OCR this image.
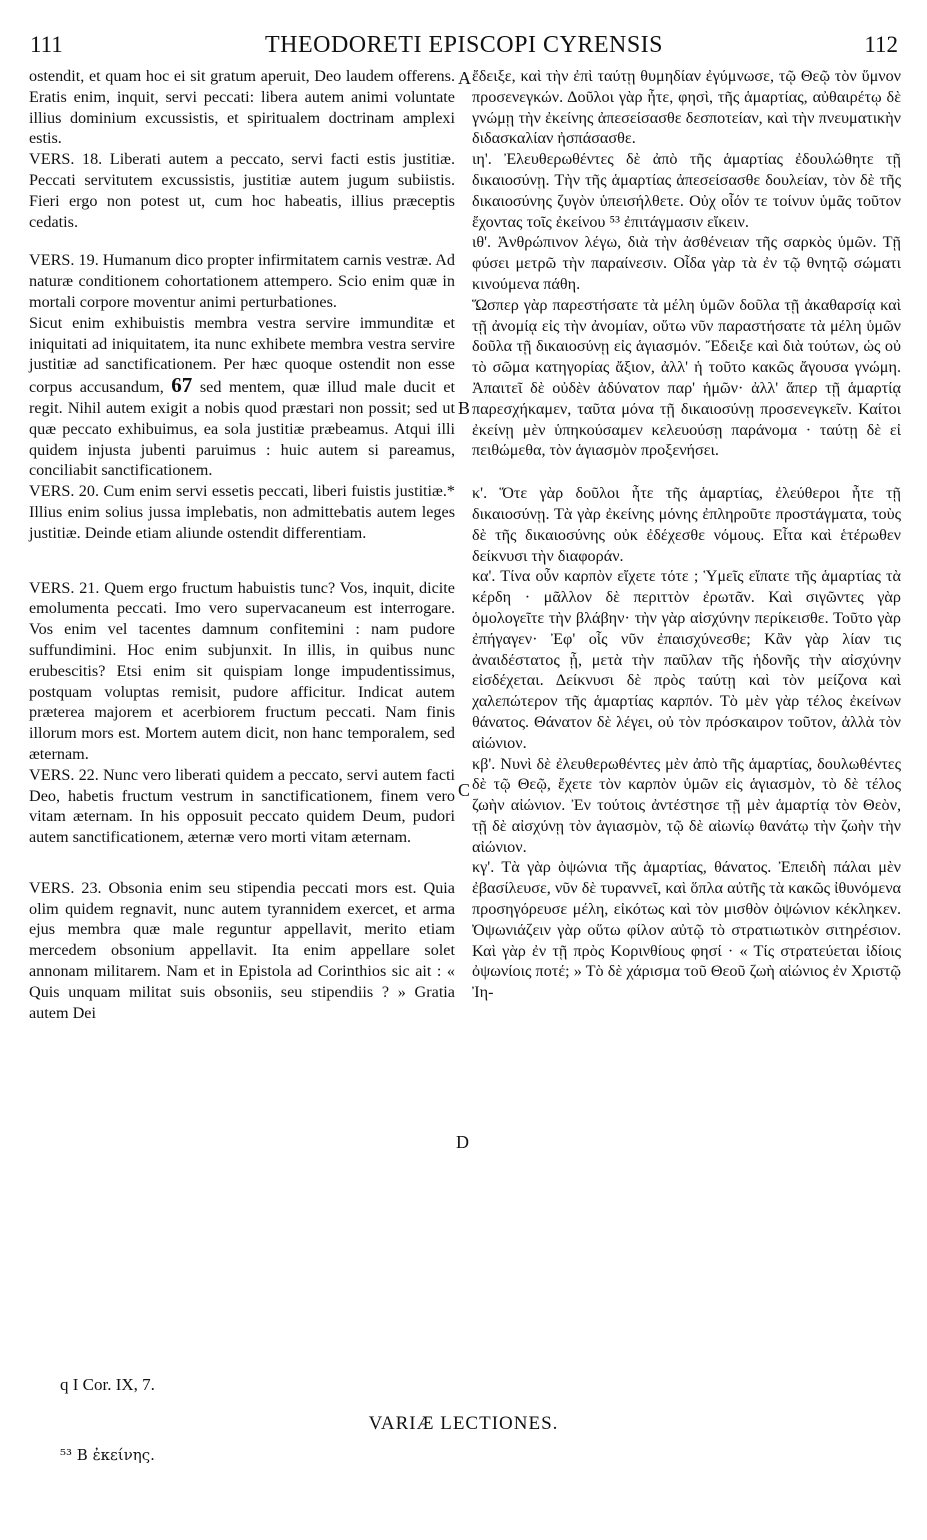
111	THEODORETI EPISCOPI CYRENSIS	112

ostendit, et quam hoc ei sit gratum aperuit, Deo laudem offerens. Eratis enim, inquit, servi peccati: libera autem animi voluntate illius dominium excussistis, et spiritualem doctrinam amplexi estis.

VERS. 18. Liberati autem a peccato, servi facti estis justitiæ. Peccati servitutem excussistis, justitiæ autem jugum subiistis. Fieri ergo non potest ut, cum hoc habeatis, illius præceptis cedatis.

VERS. 19. Humanum dico propter infirmitatem carnis vestræ. Ad naturæ conditionem cohortationem attempero. Scio enim quæ in mortali corpore moventur animi perturbationes.

Sicut enim exhibuistis membra vestra servire immunditæ et iniquitati ad iniquitatem, ita nunc exhibete membra vestra servire justitiæ ad sanctificationem. Per hæc quoque ostendit non esse corpus accusandum, 67 sed mentem, quæ illud male ducit et regit. Nihil autem exigit a nobis quod præstari non possit; sed ut quæ peccato exhibuimus, ea sola justitiæ præbeamus. Atqui illi quidem injusta jubenti paruimus : huic autem si pareamus, conciliabit sanctificationem.

VERS. 20. Cum enim servi essetis peccati, liberi fuistis justitiæ.* Illius enim solius jussa implebatis, non admittebatis autem leges justitiæ. Deinde etiam aliunde ostendit differentiam.

VERS. 21. Quem ergo fructum habuistis tunc? Vos, inquit, dicite emolumenta peccati. Imo vero supervacaneum est interrogare. Vos enim vel tacentes damnum confitemini : nam pudore suffundimini. Hoc enim subjunxit. In illis, in quibus nunc erubescitis? Etsi enim sit quispiam longe impudentissimus, postquam voluptas remisit, pudore afficitur. Indicat autem præterea majorem et acerbiorem fructum peccati. Nam finis illorum mors est. Mortem autem dicit, non hanc temporalem, sed æternam.

VERS. 22. Nunc vero liberati quidem a peccato, servi autem facti Deo, habetis fructum vestrum in sanctificationem, finem vero vitam æternam. In his opposuit peccato quidem Deum, pudori autem sanctificationem, æternæ vero morti vitam æternam.

VERS. 23. Obsonia enim seu stipendia peccati mors est. Quia olim quidem regnavit, nunc autem tyrannidem exercet, et arma ejus membra quæ male reguntur appellavit, merito etiam mercedem obsonium appellavit. Ita enim appellare solet annonam militarem. Nam et in Epistola ad Corinthios sic ait : « Quis unquam militat suis obsoniis, seu stipendiis ? » Gratia autem Dei

ἔδειξε, καὶ τὴν ἐπὶ ταύτῃ θυμηδίαν ἐγύμνωσε, τῷ Θεῷ τὸν ὕμνον προσενεγκών. Δοῦλοι γὰρ ἦτε, φησὶ, τῆς ἁμαρτίας, αὐθαιρέτῳ δὲ γνώμῃ τὴν ἐκείνης ἀπεσείσασθε δεσποτείαν, καὶ τὴν πνευματικὴν διδασκαλίαν ἠσπάσασθε.

ιη'. Ἐλευθερωθέντες δὲ ἀπὸ τῆς ἁμαρτίας ἐδουλώθητε τῇ δικαιοσύνῃ. Τὴν τῆς ἁμαρτίας ἀπεσείσασθε δουλείαν, τὸν δὲ τῆς δικαιοσύνης ζυγὸν ὑπεισήλθετε. Οὐχ οἷόν τε τοίνυν ὑμᾶς τοῦτον ἔχοντας τοῖς ἐκείνου ⁵³ ἐπιτάγμασιν εἴκειν.

ιθ'. Ἀνθρώπινον λέγω, διὰ τὴν ἀσθένειαν τῆς σαρκὸς ὑμῶν. Τῇ φύσει μετρῶ τὴν παραίνεσιν. Οἶδα γὰρ τὰ ἐν τῷ θνητῷ σώματι κινούμενα πάθη.

Ὥσπερ γὰρ παρεστήσατε τὰ μέλη ὑμῶν δοῦλα τῇ ἀκαθαρσίᾳ καὶ τῇ ἀνομίᾳ εἰς τὴν ἀνομίαν, οὕτω νῦν παραστήσατε τὰ μέλη ὑμῶν δοῦλα τῇ δικαιοσύνῃ εἰς ἁγιασμόν. Ἔδειξε καὶ διὰ τούτων, ὡς οὐ τὸ σῶμα κατηγορίας ἄξιον, ἀλλ' ἡ τοῦτο κακῶς ἄγουσα γνώμη. Ἀπαιτεῖ δὲ οὐδὲν ἀδύνατον παρ' ἡμῶν· ἀλλ' ἅπερ τῇ ἁμαρτίᾳ παρεσχήκαμεν, ταῦτα μόνα τῇ δικαιοσύνῃ προσενεγκεῖν. Καίτοι ἐκείνῃ μὲν ὑπηκούσαμεν κελευούσῃ παράνομα · ταύτῃ δὲ εἰ πειθώμεθα, τὸν ἁγιασμὸν προξενήσει.

κ'. Ὅτε γὰρ δοῦλοι ἦτε τῆς ἁμαρτίας, ἐλεύθεροι ἦτε τῇ δικαιοσύνῃ. Τὰ γὰρ ἐκείνης μόνης ἐπληροῦτε προστάγματα, τοὺς δὲ τῆς δικαιοσύνης οὐκ ἐδέχεσθε νόμους. Εἶτα καὶ ἑτέρωθεν δείκνυσι τὴν διαφοράν.

κα'. Τίνα οὖν καρπὸν εἴχετε τότε ; Ὑμεῖς εἴπατε τῆς ἁμαρτίας τὰ κέρδη · μᾶλλον δὲ περιττὸν ἐρωτᾶν. Καὶ σιγῶντες γὰρ ὁμολογεῖτε τὴν βλάβην· τὴν γὰρ αἰσχύνην περίκεισθε. Τοῦτο γὰρ ἐπήγαγεν· Ἐφ' οἷς νῦν ἐπαισχύνεσθε; Κἂν γὰρ λίαν τις ἀναιδέστατος ᾖ, μετὰ τὴν παῦλαν τῆς ἡδονῆς τὴν αἰσχύνην εἰσδέχεται. Δείκνυσι δὲ πρὸς ταύτῃ καὶ τὸν μείζονα καὶ χαλεπώτερον τῆς ἁμαρτίας καρπόν. Τὸ μὲν γὰρ τέλος ἐκείνων θάνατος. Θάνατον δὲ λέγει, οὐ τὸν πρόσκαιρον τοῦτον, ἀλλὰ τὸν αἰώνιον.

κβ'. Νυνὶ δὲ ἐλευθερωθέντες μὲν ἀπὸ τῆς ἁμαρτίας, δουλωθέντες δὲ τῷ Θεῷ, ἔχετε τὸν καρπὸν ὑμῶν εἰς ἁγιασμὸν, τὸ δὲ τέλος ζωὴν αἰώνιον. Ἐν τούτοις ἀντέστησε τῇ μὲν ἁμαρτίᾳ τὸν Θεὸν, τῇ δὲ αἰσχύνῃ τὸν ἁγιασμὸν, τῷ δὲ αἰωνίῳ θανάτῳ τὴν ζωὴν τὴν αἰώνιον.

κγ'. Τὰ γὰρ ὀψώνια τῆς ἁμαρτίας, θάνατος. Ἐπειδὴ πάλαι μὲν ἐβασίλευσε, νῦν δὲ τυραννεῖ, καὶ ὅπλα αὐτῆς τὰ κακῶς ἰθυνόμενα προσηγόρευσε μέλη, εἰκότως καὶ τὸν μισθὸν ὀψώνιον κέκληκεν. Ὀψωνιάζειν γὰρ οὕτω φίλον αὐτῷ τὸ στρατιωτικὸν σιτηρέσιον. Καὶ γὰρ ἐν τῇ πρὸς Κορινθίους φησί · « Τίς στρατεύεται ἰδίοις ὀψωνίοις ποτέ; » Τὸ δὲ χάρισμα τοῦ Θεοῦ ζωὴ αἰώνιος ἐν Χριστῷ Ἰη-

A
B
C
D
q I Cor. IX, 7.
VARIÆ LECTIONES.
⁵³ B ἐκείνης.
